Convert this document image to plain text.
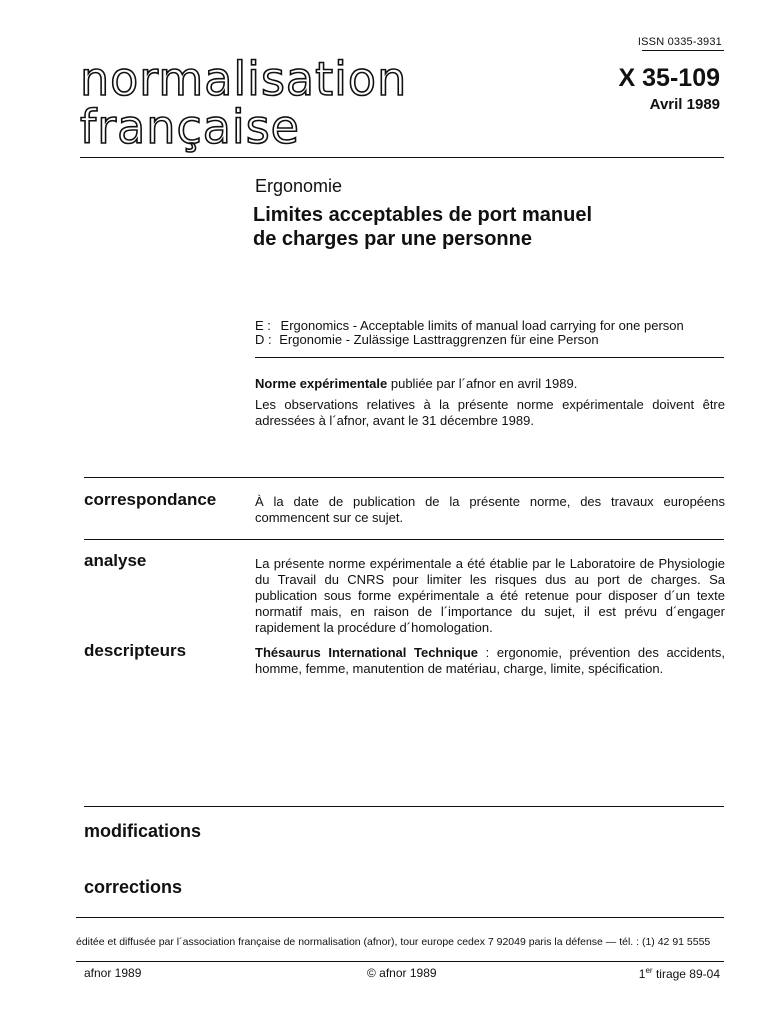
ISSN 0335-3931
normalisation
française
X 35-109
Avril 1989
Ergonomie
Limites acceptables de port manuel
de charges par une personne
E : Ergonomics - Acceptable limits of manual load carrying for one person
D : Ergonomie - Zulässige Lasttraggrenzen für eine Person
Norme expérimentale publiée par l´afnor en avril 1989.
Les observations relatives à la présente norme expérimentale doivent être adressées à l´afnor, avant le 31 décembre 1989.
correspondance	À la date de publication de la présente norme, des travaux européens commencent sur ce sujet.
analyse	La présente norme expérimentale a été établie par le Laboratoire de Physiologie du Travail du CNRS pour limiter les risques dus au port de charges. Sa publication sous forme expérimentale a été retenue pour disposer d´un texte normatif mais, en raison de l´importance du sujet, il est prévu d´engager rapidement la procédure d´homologation.
descripteurs	Thésaurus International Technique : ergonomie, prévention des accidents, homme, femme, manutention de matériau, charge, limite, spécification.
modifications
corrections
éditée et diffusée par l´association française de normalisation (afnor), tour europe cedex 7 92049 paris la défense — tél. : (1) 42 91 5555
afnor 1989	© afnor 1989	1er tirage 89-04
